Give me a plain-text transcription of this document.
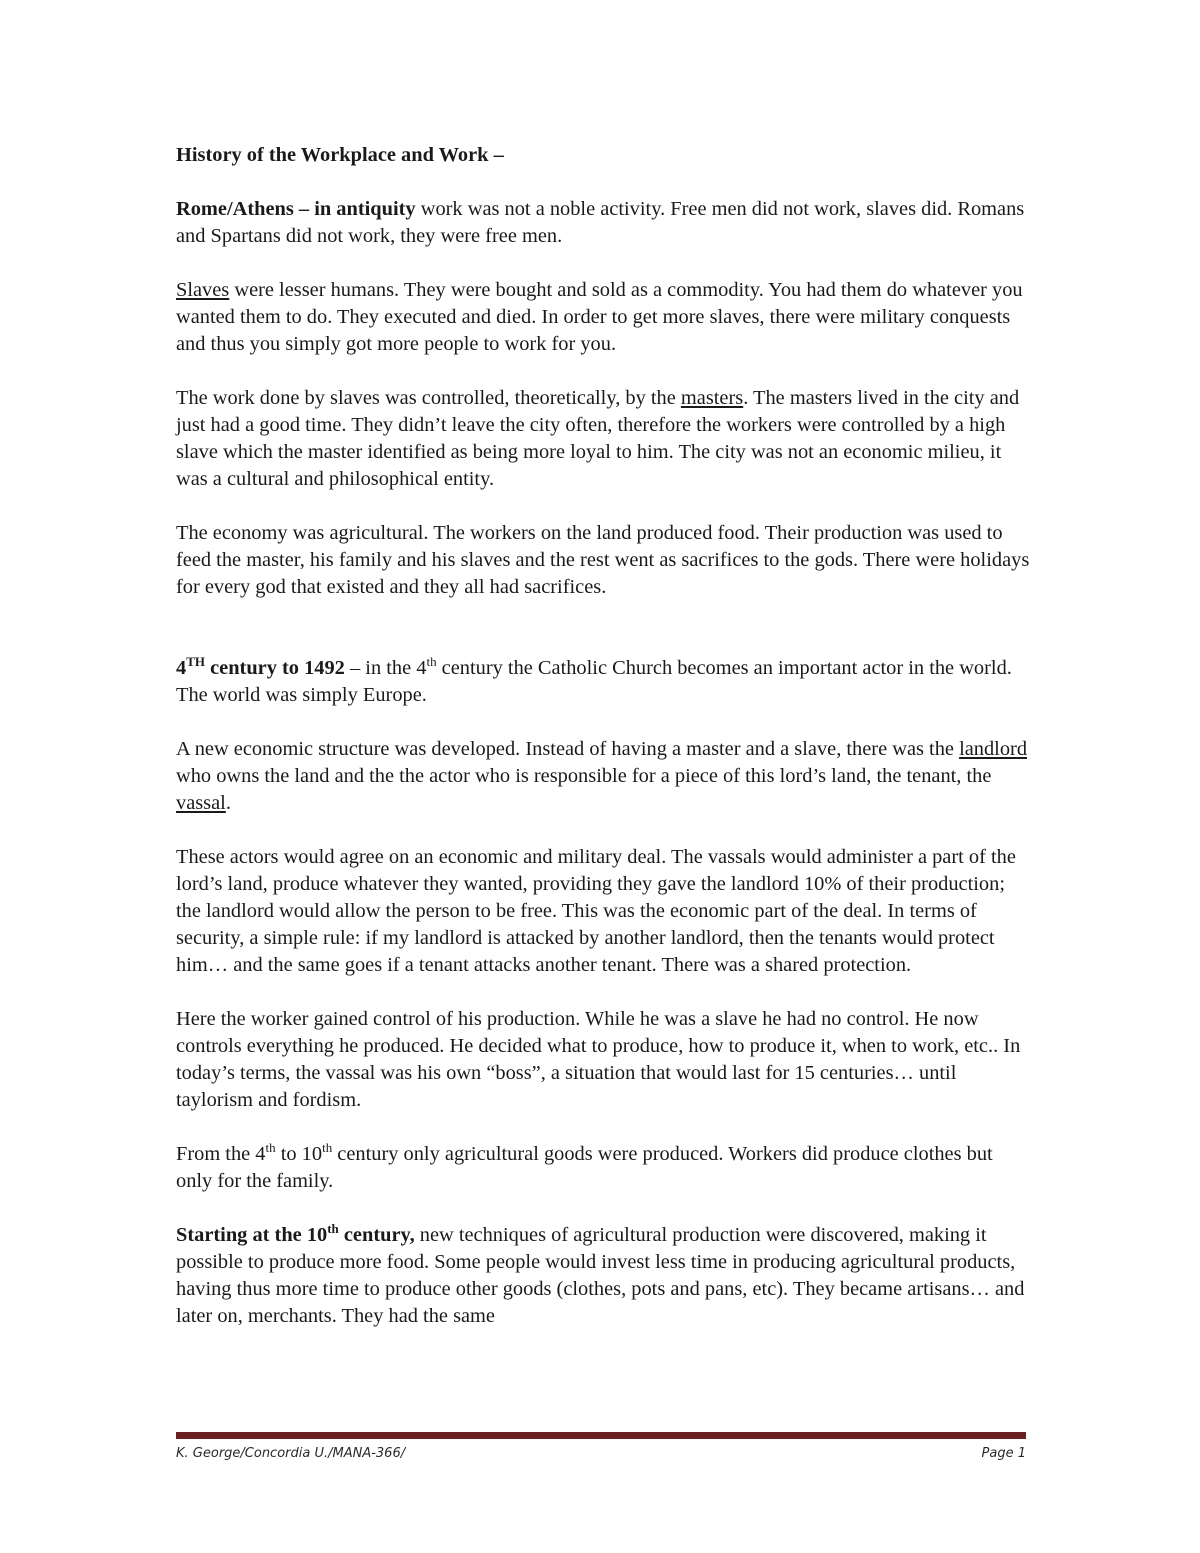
History of the Workplace and Work –

Rome/Athens – in antiquity work was not a noble activity. Free men did not work, slaves did. Romans and Spartans did not work, they were free men.

Slaves were lesser humans. They were bought and sold as a commodity. You had them do whatever you wanted them to do. They executed and died. In order to get more slaves, there were military conquests and thus you simply got more people to work for you.

The work done by slaves was controlled, theoretically, by the masters. The masters lived in the city and just had a good time. They didn’t leave the city often, therefore the workers were controlled by a high slave which the master identified as being more loyal to him. The city was not an economic milieu, it was a cultural and philosophical entity.

The economy was agricultural. The workers on the land produced food. Their production was used to feed the master, his family and his slaves and the rest went as sacrifices to the gods. There were holidays for every god that existed and they all had sacrifices.

4TH century to 1492 – in the 4th century the Catholic Church becomes an important actor in the world. The world was simply Europe.

A new economic structure was developed. Instead of having a master and a slave, there was the landlord who owns the land and the the actor who is responsible for a piece of this lord’s land, the tenant, the vassal.

These actors would agree on an economic and military deal. The vassals would administer a part of the lord’s land, produce whatever they wanted, providing they gave the landlord 10% of their production; the landlord would allow the person to be free. This was the economic part of the deal. In terms of security, a simple rule: if my landlord is attacked by another landlord, then the tenants would protect him… and the same goes if a tenant attacks another tenant. There was a shared protection.

Here the worker gained control of his production. While he was a slave he had no control. He now controls everything he produced. He decided what to produce, how to produce it, when to work, etc.. In today’s terms, the vassal was his own “boss”, a situation that would last for 15 centuries… until taylorism and fordism.

From the 4th to 10th century only agricultural goods were produced. Workers did produce clothes but only for the family.

Starting at the 10th century, new techniques of agricultural production were discovered, making it possible to produce more food. Some people would invest less time in producing agricultural products, having thus more time to produce other goods (clothes, pots and pans, etc). They became artisans… and later on, merchants. They had the same

K. George/Concordia U./MANA-366/	Page 1
